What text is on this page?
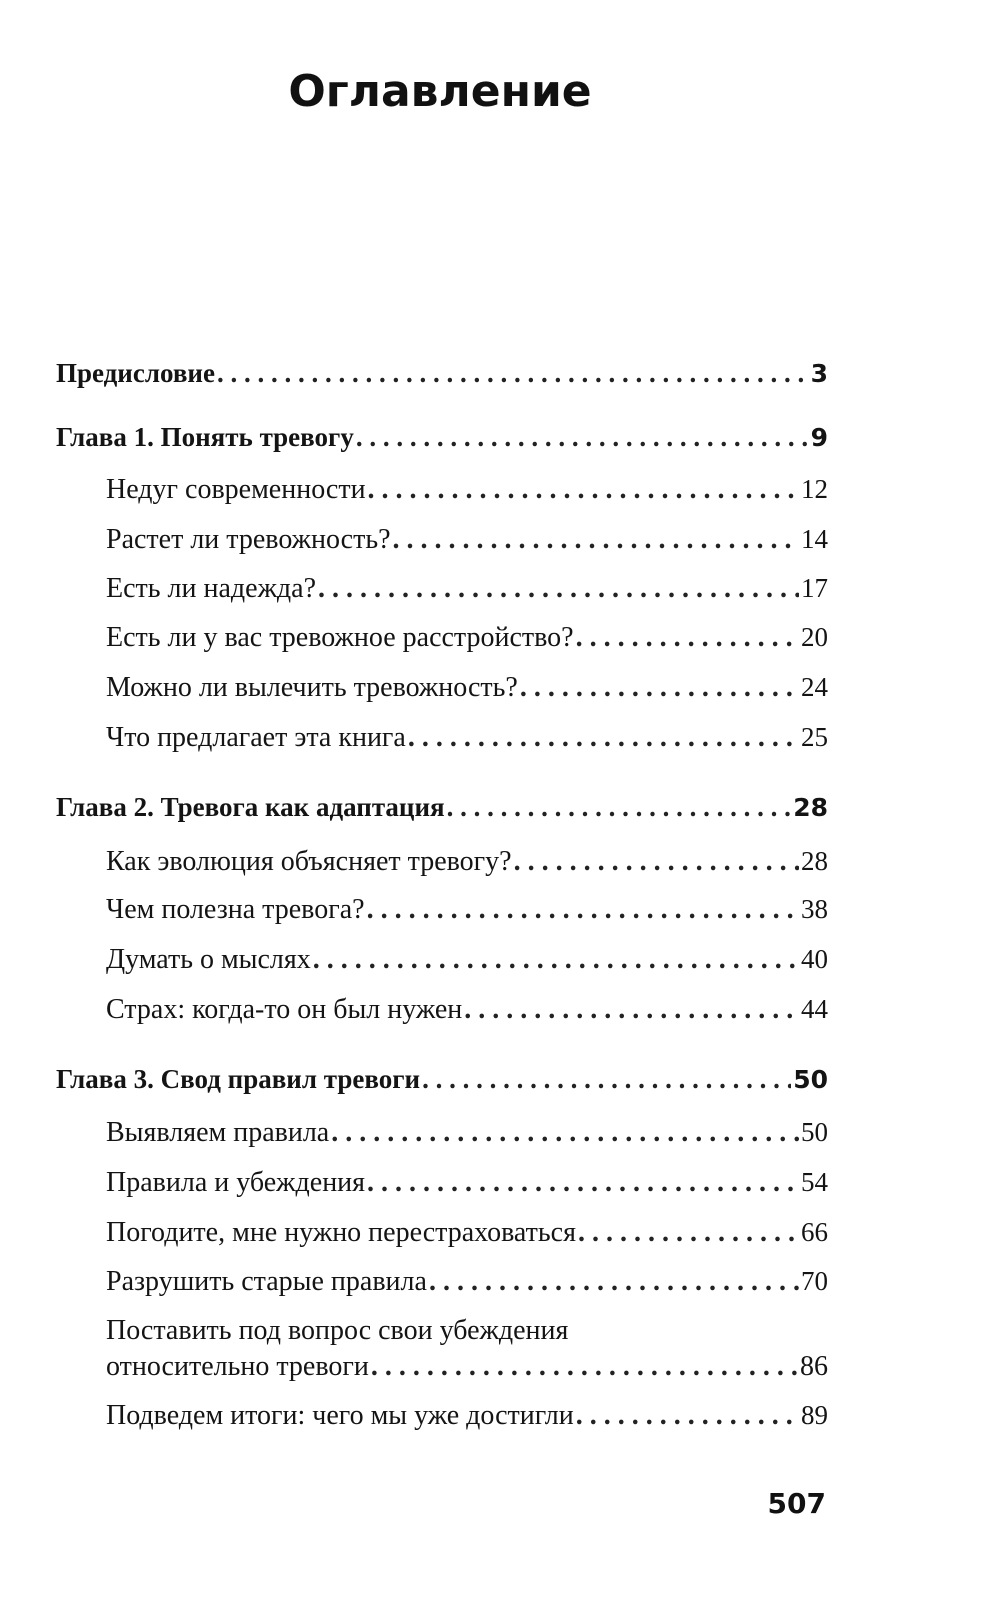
Оглавление
Предисловие . . .	3
Глава 1. Понять тревогу . . .	9
Недуг современности . . .	12
Растет ли тревожность? . . .	14
Есть ли надежда? . . .	17
Есть ли у вас тревожное расстройство? . . .	20
Можно ли вылечить тревожность? . . .	24
Что предлагает эта книга . . .	25
Глава 2. Тревога как адаптация . . .	28
Как эволюция объясняет тревогу? . . .	28
Чем полезна тревога? . . .	38
Думать о мыслях . . .	40
Страх: когда-то он был нужен . . .	44
Глава 3. Свод правил тревоги . . .	50
Выявляем правила . . .	50
Правила и убеждения . . .	54
Погодите, мне нужно перестраховаться . . .	66
Разрушить старые правила . . .	70
Поставить под вопрос свои убеждения
относительно тревоги . . .	86
Подведем итоги: чего мы уже достигли . . .	89
507
